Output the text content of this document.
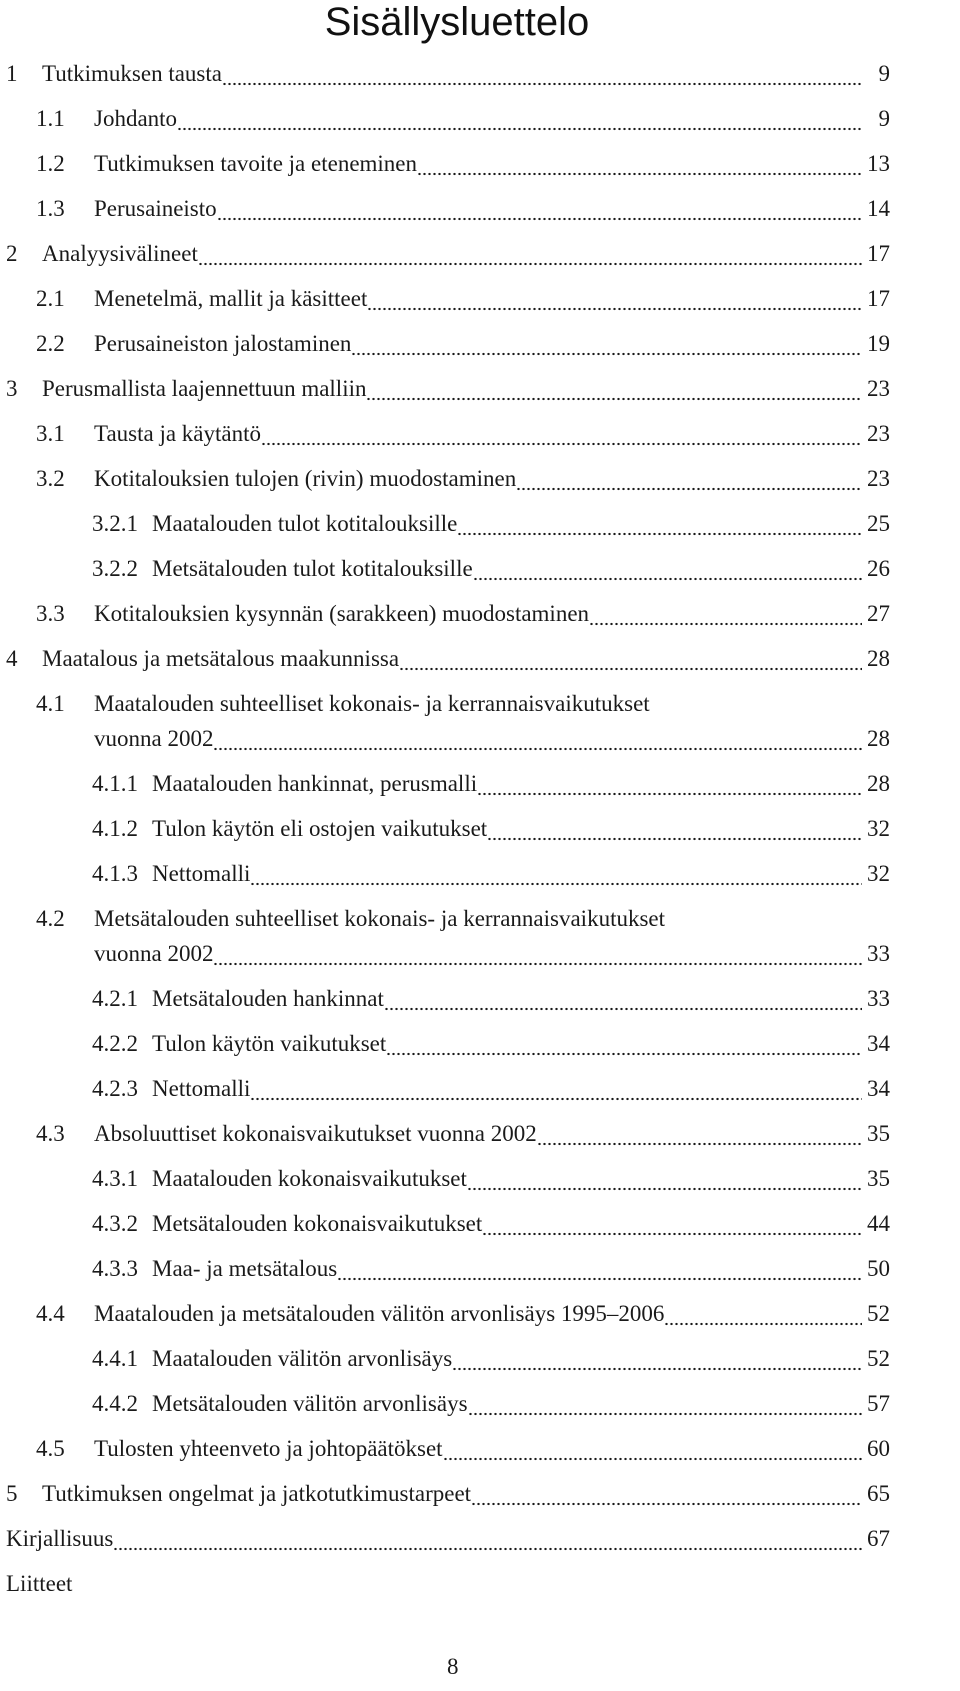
Sisällysluettelo
1	Tutkimuksen tausta	9
1.1	Johdanto	9
1.2	Tutkimuksen tavoite ja eteneminen	13
1.3	Perusaineisto	14
2	Analyysivälineet	17
2.1	Menetelmä, mallit ja käsitteet	17
2.2	Perusaineiston jalostaminen	19
3	Perusmallista laajennettuun malliin	23
3.1	Tausta ja käytäntö	23
3.2	Kotitalouksien tulojen (rivin) muodostaminen	23
3.2.1 Maatalouden tulot kotitalouksille	25
3.2.2 Metsätalouden tulot kotitalouksille	26
3.3	Kotitalouksien kysynnän (sarakkeen) muodostaminen	27
4	Maatalous ja metsätalous maakunnissa	28
4.1	Maatalouden suhteelliset kokonais- ja kerrannaisvaikutukset
vuonna 2002	28
4.1.1 Maatalouden hankinnat, perusmalli	28
4.1.2 Tulon käytön eli ostojen vaikutukset	32
4.1.3 Nettomalli	32
4.2	Metsätalouden suhteelliset kokonais- ja kerrannaisvaikutukset
vuonna 2002	33
4.2.1 Metsätalouden hankinnat	33
4.2.2 Tulon käytön vaikutukset	34
4.2.3 Nettomalli	34
4.3	Absoluuttiset kokonaisvaikutukset vuonna 2002	35
4.3.1 Maatalouden kokonaisvaikutukset	35
4.3.2 Metsätalouden kokonaisvaikutukset	44
4.3.3 Maa- ja metsätalous	50
4.4	Maatalouden ja metsätalouden välitön arvonlisäys 1995–2006	52
4.4.1 Maatalouden välitön arvonlisäys	52
4.4.2 Metsätalouden välitön arvonlisäys	57
4.5	Tulosten yhteenveto ja johtopäätökset	60
5	Tutkimuksen ongelmat ja jatkotutkimustarpeet	65
Kirjallisuus	67
Liitteet
8
